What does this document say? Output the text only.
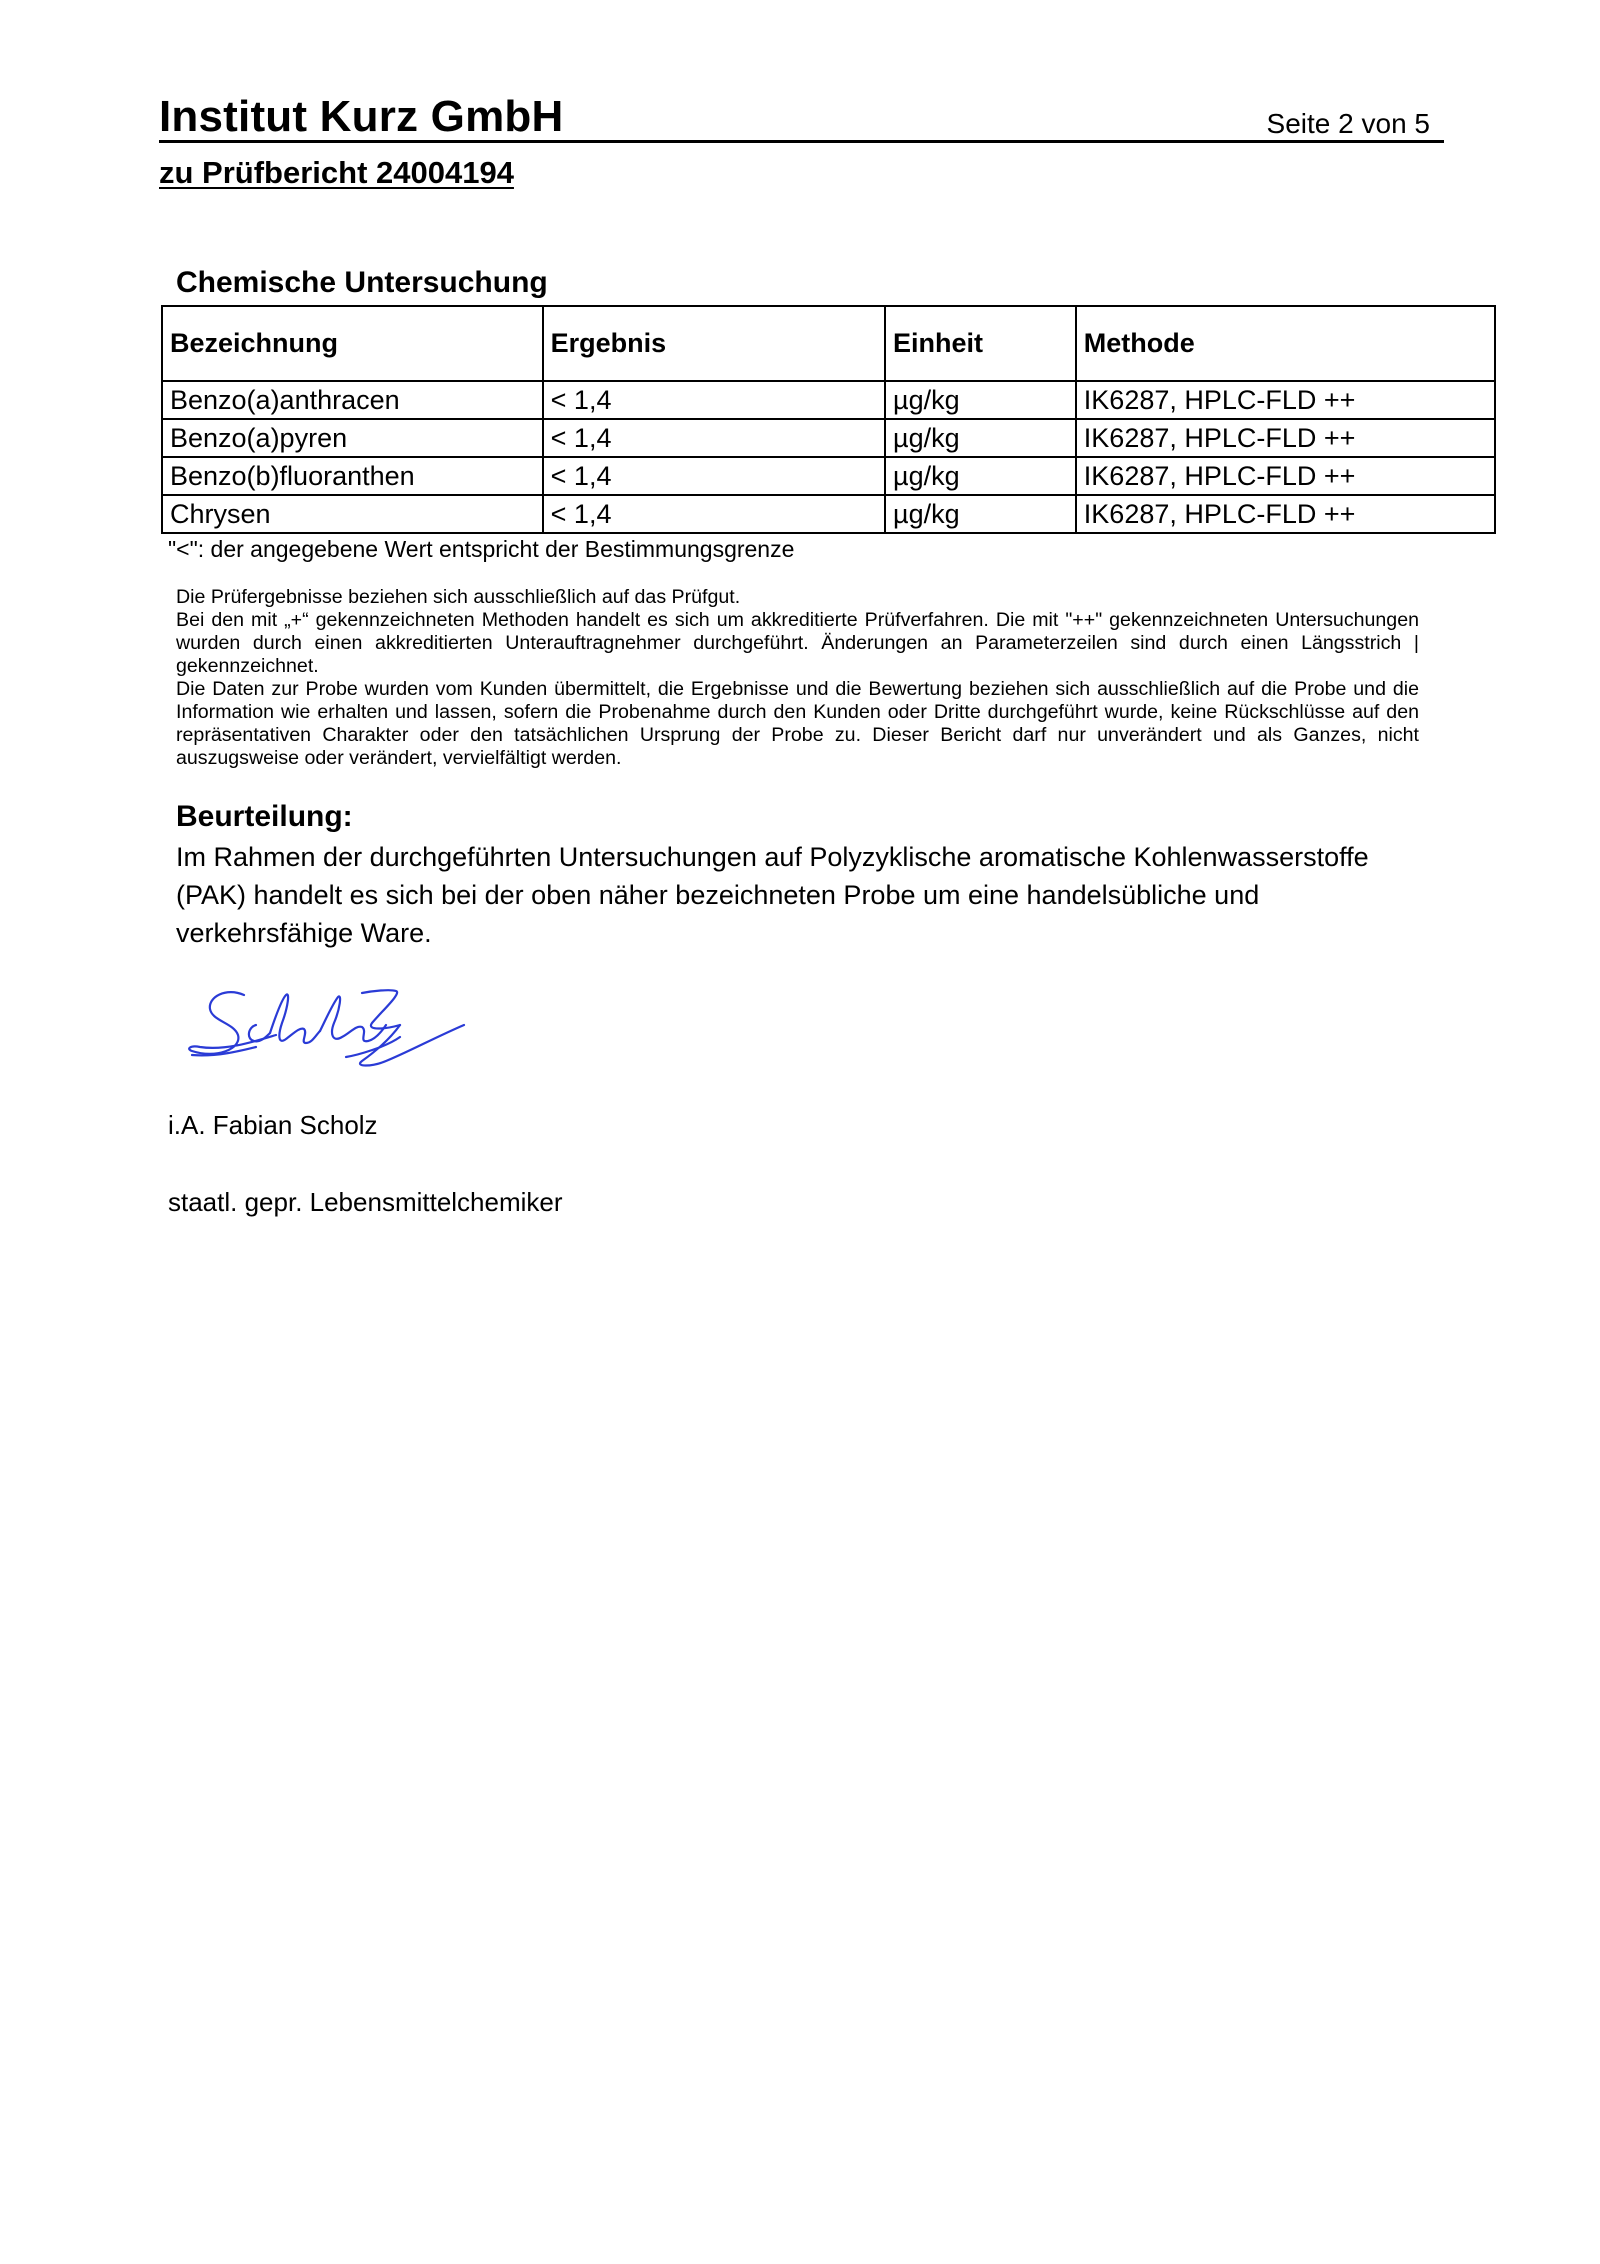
Institut Kurz GmbH	Seite 2 von 5
zu Prüfbericht 24004194
Chemische Untersuchung
Bezeichnung	Ergebnis	Einheit	Methode
Benzo(a)anthracen	< 1,4	µg/kg	IK6287, HPLC-FLD ++
Benzo(a)pyren	< 1,4	µg/kg	IK6287, HPLC-FLD ++
Benzo(b)fluoranthen	< 1,4	µg/kg	IK6287, HPLC-FLD ++
Chrysen	< 1,4	µg/kg	IK6287, HPLC-FLD ++
"<": der angegebene Wert entspricht der Bestimmungsgrenze

Die Prüfergebnisse beziehen sich ausschließlich auf das Prüfgut.

Bei den mit „+“ gekennzeichneten Methoden handelt es sich um akkreditierte Prüfverfahren. Die mit "++" gekennzeichneten Untersuchungen wurden durch einen akkreditierten Unterauftragnehmer durchgeführt. Änderungen an Parameterzeilen sind durch einen Längsstrich | gekennzeichnet.

Die Daten zur Probe wurden vom Kunden übermittelt, die Ergebnisse und die Bewertung beziehen sich ausschließlich auf die Probe und die Information wie erhalten und lassen, sofern die Probenahme durch den Kunden oder Dritte durchgeführt wurde, keine Rückschlüsse auf den repräsentativen Charakter oder den tatsächlichen Ursprung der Probe zu. Dieser Bericht darf nur unverändert und als Ganzes, nicht auszugsweise oder verändert, vervielfältigt werden.

Beurteilung:
Im Rahmen der durchgeführten Untersuchungen auf Polyzyklische aromatische Kohlenwasserstoffe (PAK) handelt es sich bei der oben näher bezeichneten Probe um eine handelsübliche und verkehrsfähige Ware.
i.A. Fabian Scholz
staatl. gepr. Lebensmittelchemiker
